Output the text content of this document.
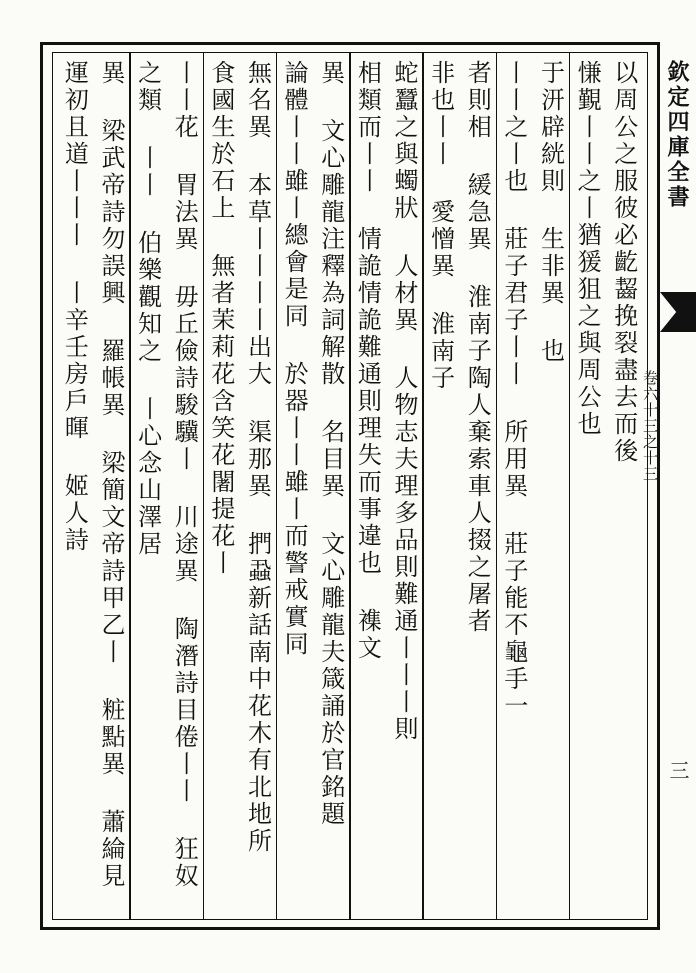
欽定四庫全書
卷六十三之十三
三

以周公之服彼必齕齧挽裂盡去而後

慊覲丨丨之丨猶猨狙之與周公也

于汧辟絖則 生非異 也

丨丨之丨也 莊子君子丨丨 所用異 莊子能不龜手一

者則相 緩急異 淮南子陶人棄索車人掇之屠者

非也丨丨 愛憎異 淮南子

蛇蠶之與蠋狀 人材異 人物志夫理多品則難通丨丨丨則

相類而丨丨 情詭情詭難通則理失而事違也 襍文

異 文心雕龍注釋為詞解散 名目異 文心雕龍夫箴誦於官銘題

論體丨丨雖丨總會是同 於器丨丨雖丨而警戒實同

無名異 本草丨丨丨丨出大 渠那異 捫蝨新話南中花木有北地所

食國生於石上 無者茉莉花含笑花闍提花丨

丨丨花 胃法異 毋丘儉詩駿驥丨 川途異 陶潛詩目倦丨丨 狂奴

之類 丨丨 伯樂觀知之 丨心念山澤居

異 梁武帝詩勿誤興 羅帳異 梁簡文帝詩甲乙丨 粧點異 蕭綸見

運初且道丨丨丨 丨辛壬房戶暉 姬人詩
